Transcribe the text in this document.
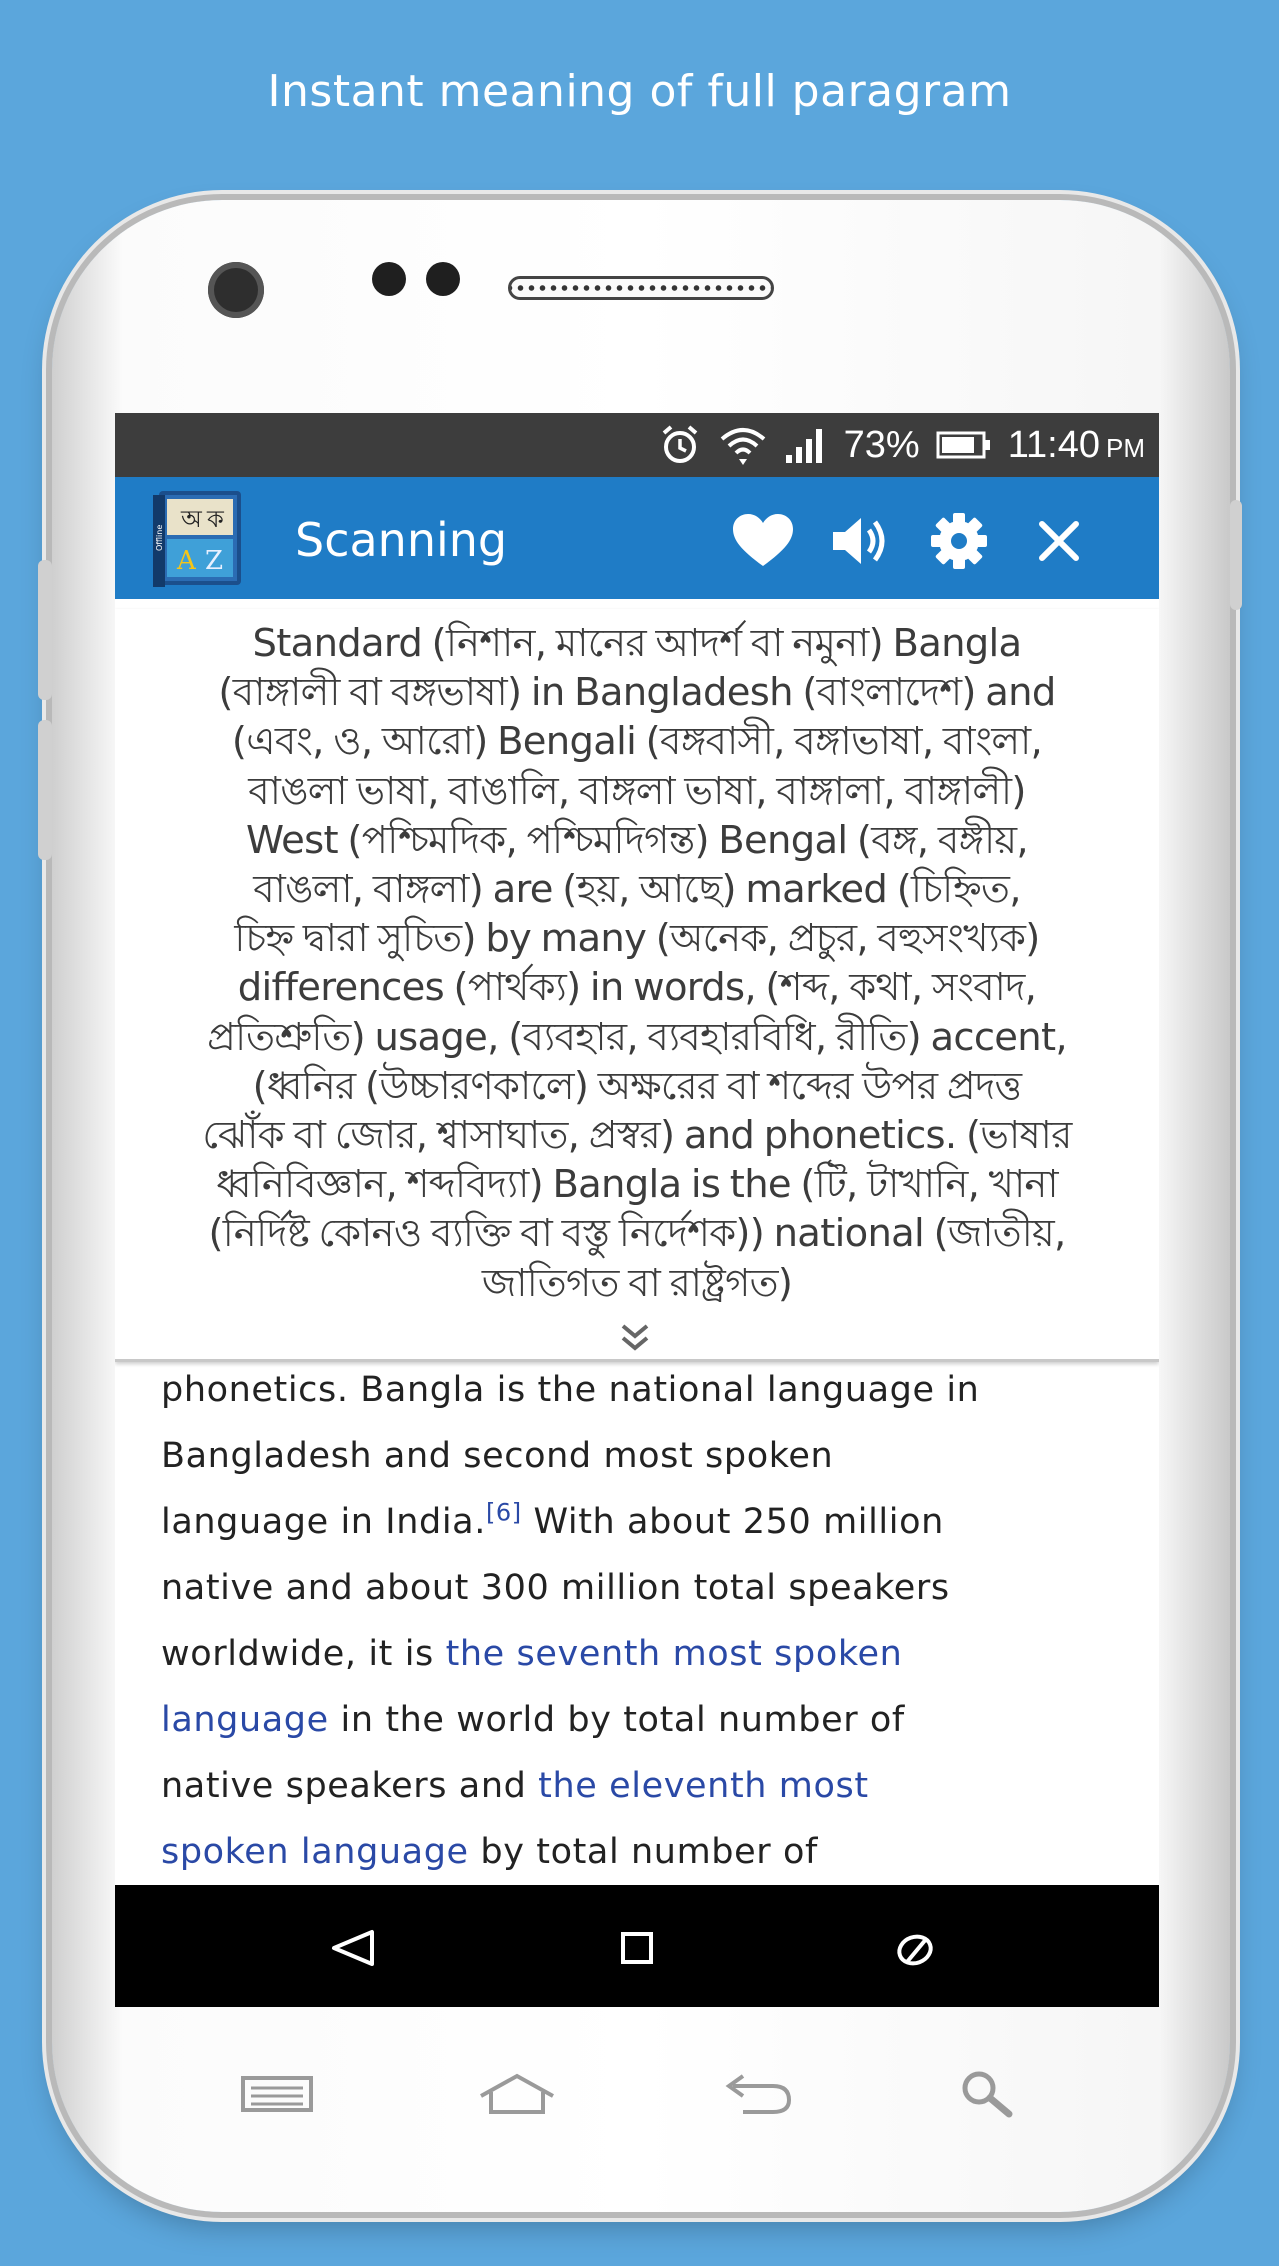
Instant meaning of full paragram
73% 11:40 PM
অ ক
A Z
Offline	Scanning
Standard (নিশান, মানের আদর্শ বা নমুনা) Bangla
(বাঙ্গালী বা বঙ্গভাষা) in Bangladesh (বাংলাদেশ) and
(এবং, ও, আরো) Bengali (বঙ্গবাসী, বঙ্গাভাষা, বাংলা,
বাঙলা ভাষা, বাঙালি, বাঙ্গলা ভাষা, বাঙ্গালা, বাঙ্গালী)
West (পশ্চিমদিক, পশ্চিমদিগন্ত) Bengal (বঙ্গ, বঙ্গীয়,
বাঙলা, বাঙ্গলা) are (হয়, আছে) marked (চিহ্নিত,
চিহ্ন দ্বারা সুচিত) by many (অনেক, প্রচুর, বহুসংখ্যক)
differences (পার্থক্য) in words, (শব্দ, কথা, সংবাদ,
প্রতিশ্রুতি) usage, (ব্যবহার, ব্যবহারবিধি, রীতি) accent,
(ধ্বনির (উচ্চারণকালে) অক্ষরের বা শব্দের উপর প্রদত্ত
ঝোঁক বা জোর, শ্বাসাঘাত, প্রস্বর) and phonetics. (ভাষার
ধ্বনিবিজ্ঞান, শব্দবিদ্যা) Bangla is the (টি, টাখানি, খানা
(নির্দিষ্ট কোনও ব্যক্তি বা বস্তু নির্দেশক)) national (জাতীয়,
জাতিগত বা রাষ্ট্রগত)
phonetics. Bangla is the national language in
Bangladesh and second most spoken
language in India.[6] With about 250 million
native and about 300 million total speakers
worldwide, it is the seventh most spoken
language in the world by total number of
native speakers and the eleventh most
spoken language by total number of
